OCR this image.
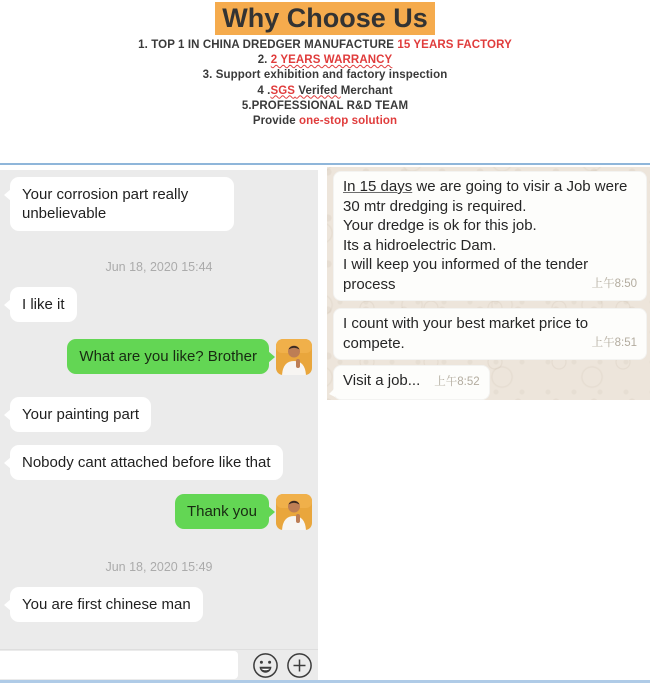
Why Choose Us
1. TOP 1 IN CHINA DREDGER MANUFACTURE 15 YEARS FACTORY
2. 2 YEARS WARRANCY
3. Support exhibition and factory inspection
4 .SGS Verifed Merchant
5.PROFESSIONAL R&D TEAM
Provide one-stop solution
Your corrosion part really unbelievable
Jun 18, 2020 15:44
I like it
What are you like? Brother
Your painting part
Nobody cant attached before like that
Thank you
Jun 18, 2020 15:49
You are first chinese man

In 15 days we are going to visir a Job were 30 mtr dredging is required.

Your dredge is ok for this job.

Its a hidroelectric Dam.

I will keep you informed of the tender process	上午8:50

I count with your best market price to compete.	上午8:51

Visit a job... 上午8:52
